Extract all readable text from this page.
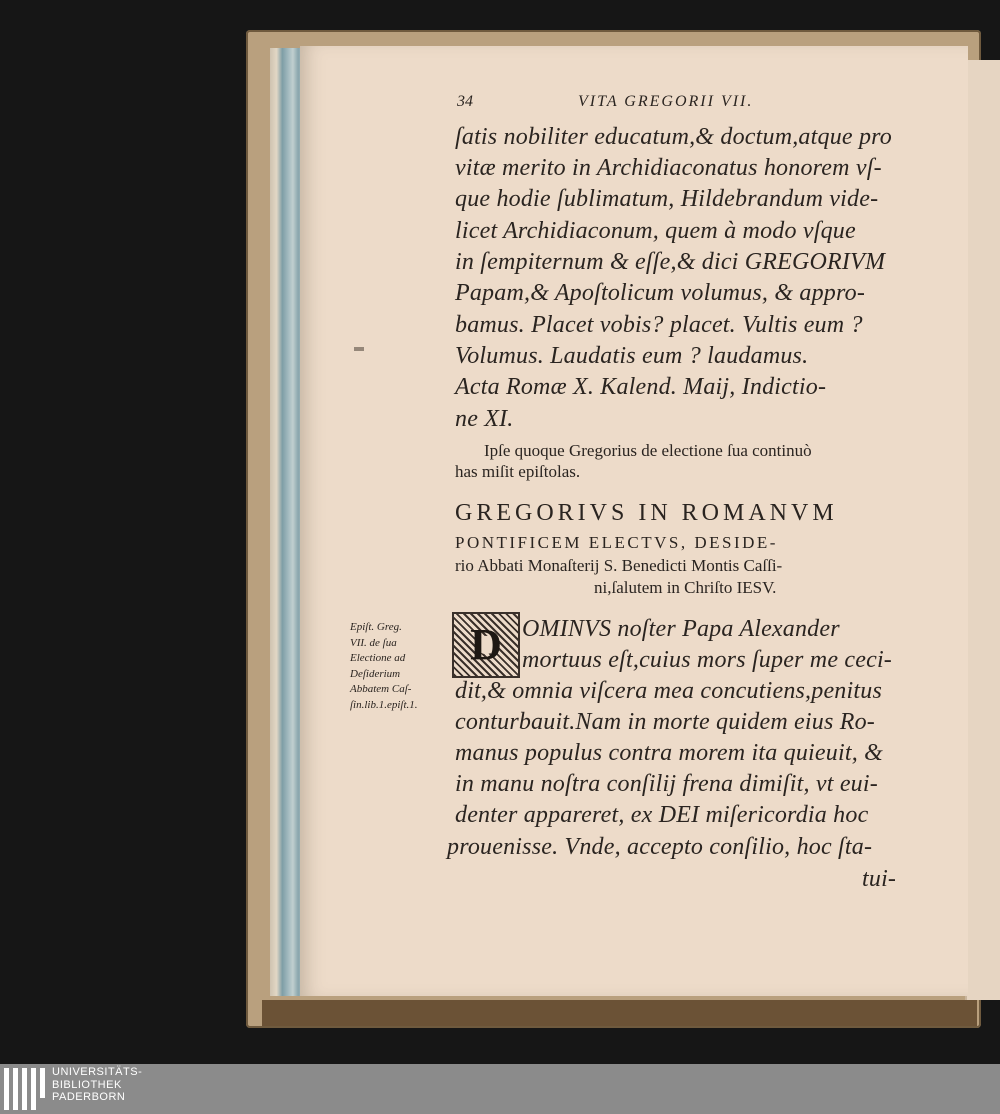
34	VITA GREGORII VII.
ſatis nobiliter educatum,& doctum,atque pro
vitæ merito in Archidiaconatus honorem vſ-
que hodie ſublimatum, Hildebrandum vide-
licet Archidiaconum, quem à modo vſque
in ſempiternum & eſſe,& dici GREGORIVM
Papam,& Apoſtolicum volumus, & appro-
bamus. Placet vobis? placet. Vultis eum ?
Volumus. Laudatis eum ? laudamus.
Acta Romæ X. Kalend. Maij, Indictio-
ne XI.
Ipſe quoque Gregorius de electione ſua continuò
has miſit epiſtolas.
GREGORIVS IN ROMANVM
PONTIFICEM ELECTVS, DESIDE-
rio Abbati Monaſterij S. Benedicti Montis Caſſi-
ni,ſalutem in Chriſto IESV.
Epiſt. Greg.
VII. de ſua
Electione ad
Deſiderium
Abbatem Caſ-
ſin.lib.1.epiſt.1.
D OMINVS noſter Papa Alexander
mortuus eſt,cuius mors ſuper me ceci-
dit,& omnia viſcera mea concutiens,penitus
conturbauit.Nam in morte quidem eius Ro-
manus populus contra morem ita quieuit, &
in manu noſtra conſilij frena dimiſit, vt eui-
denter appareret, ex DEI miſericordia hoc
prouenisse. Vnde, accepto conſilio, hoc ſta-
tui-
UNIVERSITÄTS-
BIBLIOTHEK
PADERBORN
